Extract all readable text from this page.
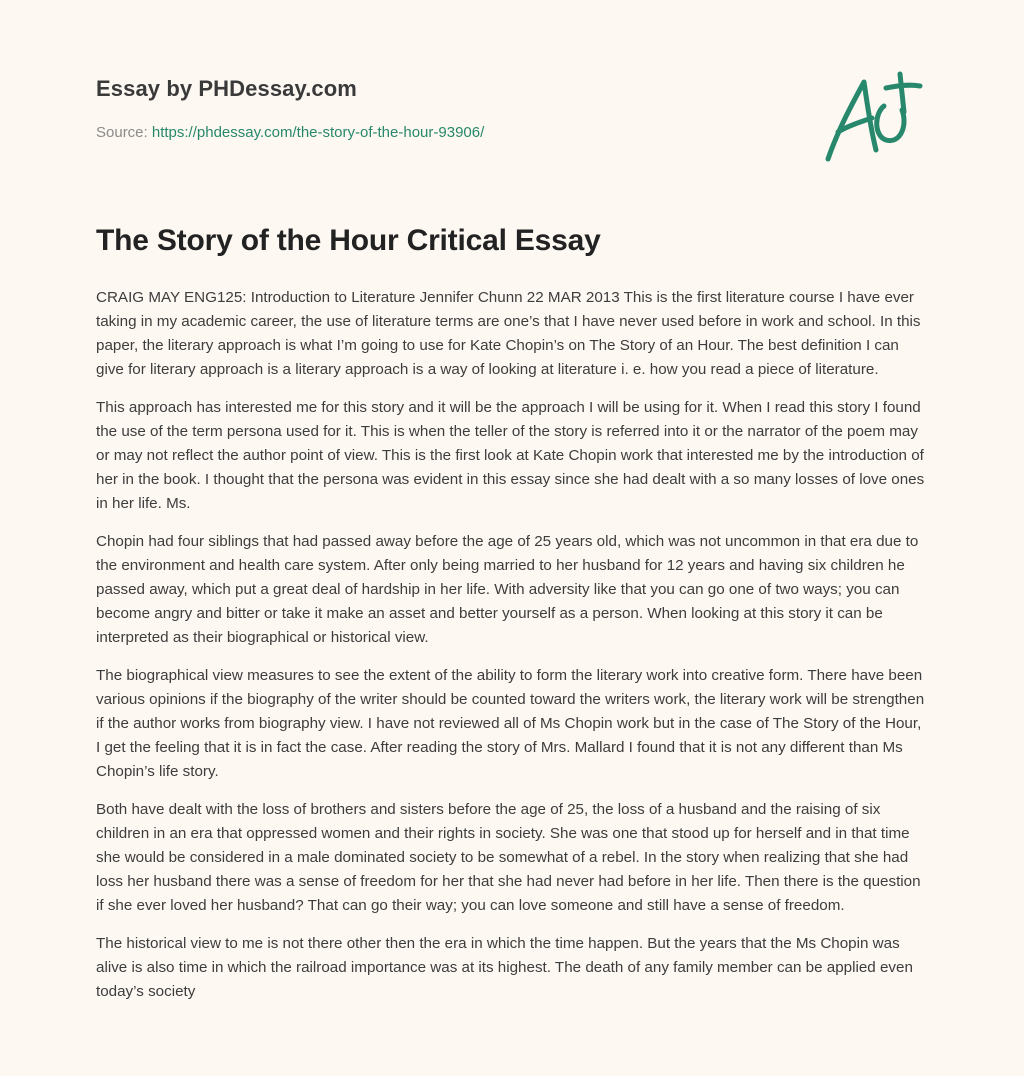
Essay by PHDessay.com
Source: https://phdessay.com/the-story-of-the-hour-93906/
The Story of the Hour Critical Essay

CRAIG MAY ENG125: Introduction to Literature Jennifer Chunn 22 MAR 2013 This is the first literature course I have ever taking in my academic career, the use of literature terms are one’s that I have never used before in work and school. In this paper, the literary approach is what I’m going to use for Kate Chopin’s on The Story of an Hour. The best definition I can give for literary approach is a literary approach is a way of looking at literature i. e. how you read a piece of literature.

This approach has interested me for this story and it will be the approach I will be using for it. When I read this story I found the use of the term persona used for it. This is when the teller of the story is referred into it or the narrator of the poem may or may not reflect the author point of view. This is the first look at Kate Chopin work that interested me by the introduction of her in the book. I thought that the persona was evident in this essay since she had dealt with a so many losses of love ones in her life. Ms.

Chopin had four siblings that had passed away before the age of 25 years old, which was not uncommon in that era due to the environment and health care system. After only being married to her husband for 12 years and having six children he passed away, which put a great deal of hardship in her life. With adversity like that you can go one of two ways; you can become angry and bitter or take it make an asset and better yourself as a person. When looking at this story it can be interpreted as their biographical or historical view.

The biographical view measures to see the extent of the ability to form the literary work into creative form. There have been various opinions if the biography of the writer should be counted toward the writers work, the literary work will be strengthen if the author works from biography view. I have not reviewed all of Ms Chopin work but in the case of The Story of the Hour, I get the feeling that it is in fact the case. After reading the story of Mrs. Mallard I found that it is not any different than Ms Chopin’s life story.

Both have dealt with the loss of brothers and sisters before the age of 25, the loss of a husband and the raising of six children in an era that oppressed women and their rights in society. She was one that stood up for herself and in that time she would be considered in a male dominated society to be somewhat of a rebel. In the story when realizing that she had loss her husband there was a sense of freedom for her that she had never had before in her life. Then there is the question if she ever loved her husband? That can go their way; you can love someone and still have a sense of freedom.

The historical view to me is not there other then the era in which the time happen. But the years that the Ms Chopin was alive is also time in which the railroad importance was at its highest. The death of any family member can be applied even today’s society
